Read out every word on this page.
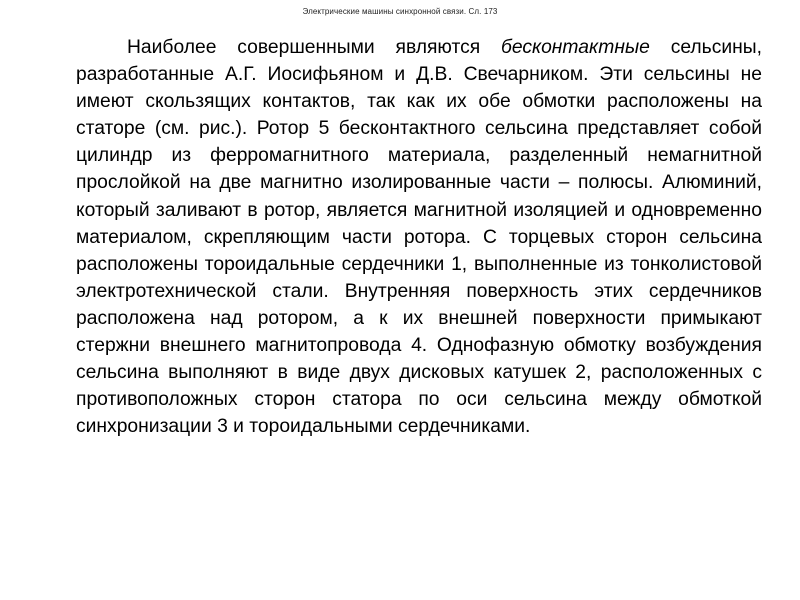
Электрические машины синхронной связи. Сл. 173

Наиболее совершенными являются бесконтактные сельсины, разработанные А.Г. Иосифьяном и Д.В. Свечарником. Эти сельсины не имеют скользящих контактов, так как их обе обмотки расположены на статоре (см. рис.). Ротор 5 бесконтактного сельсина представляет собой цилиндр из ферромагнитного материала, разделенный немагнитной прослойкой на две магнитно изолированные части – полюсы. Алюминий, который заливают в ротор, является магнитной изоляцией и одновременно материалом, скрепляющим части ротора. С торцевых сторон сельсина расположены тороидальные сердечники 1, выполненные из тонколистовой электротехнической стали. Внутренняя поверхность этих сердечников расположена над ротором, а к их внешней поверхности примыкают стержни внешнего магнитопровода 4. Однофазную обмотку возбуждения сельсина выполняют в виде двух дисковых катушек 2, расположенных с противоположных сторон статора по оси сельсина между обмоткой синхронизации 3 и тороидальными сердечниками.
